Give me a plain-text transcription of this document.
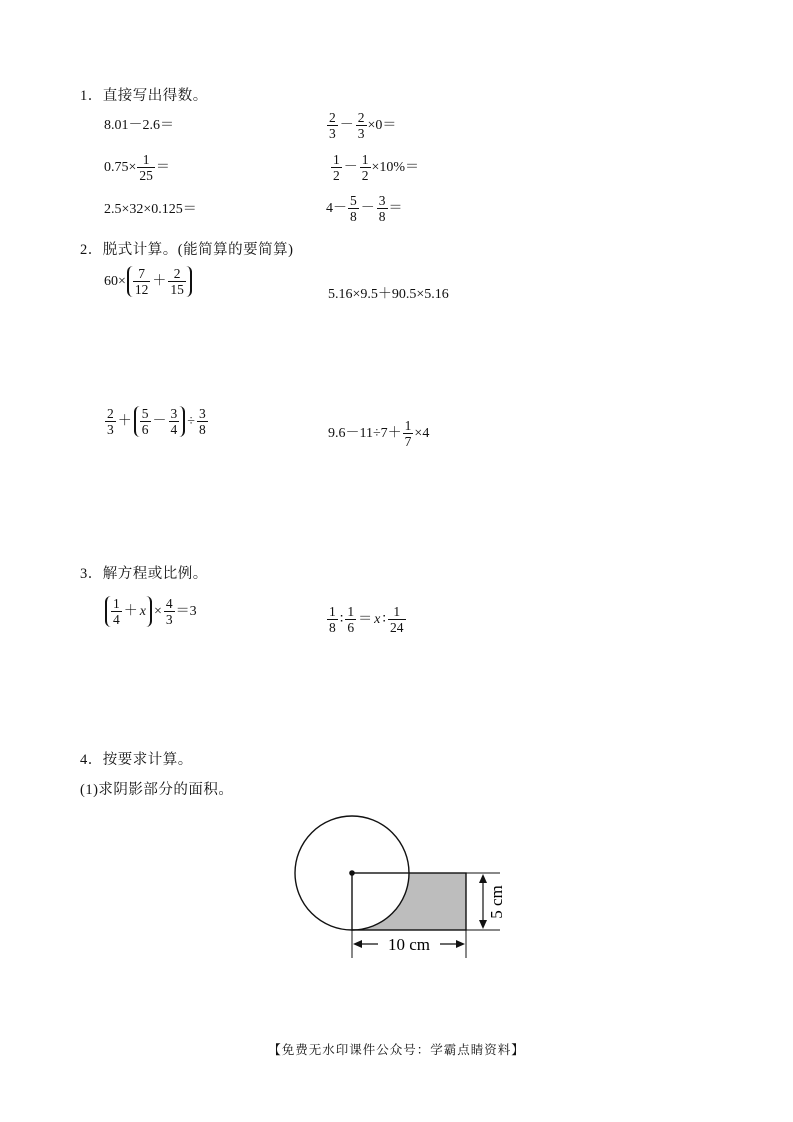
1．直接写出得数。
8.01－2.6＝	$\frac{2}{3} - \frac{2}{3} \times 0=$
$0.75\times \frac{1}{25}$ ＝	$\frac{1}{2} - \frac{1}{2} \times 10\%=$
2.5×32×0.125＝	$4- \frac{5}{8} - \frac{3}{8}$ ＝
2．脱式计算。(能简算的要简算)
$60\times \frac{7}{12} + \frac{2}{15}$	5.16×9.5＋90.5×5.16
$\frac{2}{3} + \frac{5}{6} - \frac{3}{4} \div \frac{3}{8}$	$9.6-11\div 7+ \frac{1}{7} \times 4$
3．解方程或比例。
$\frac{1}{4} + x \times \frac{4}{3} =3$	$\frac{1}{8}$ ∶ $\frac{1}{6} = x$ ∶ $\frac{1}{24}$
4．按要求计算。
(1)求阴影部分的面积。
5 cm
10 cm
【免费无水印课件公众号：学霸点睛资料】
